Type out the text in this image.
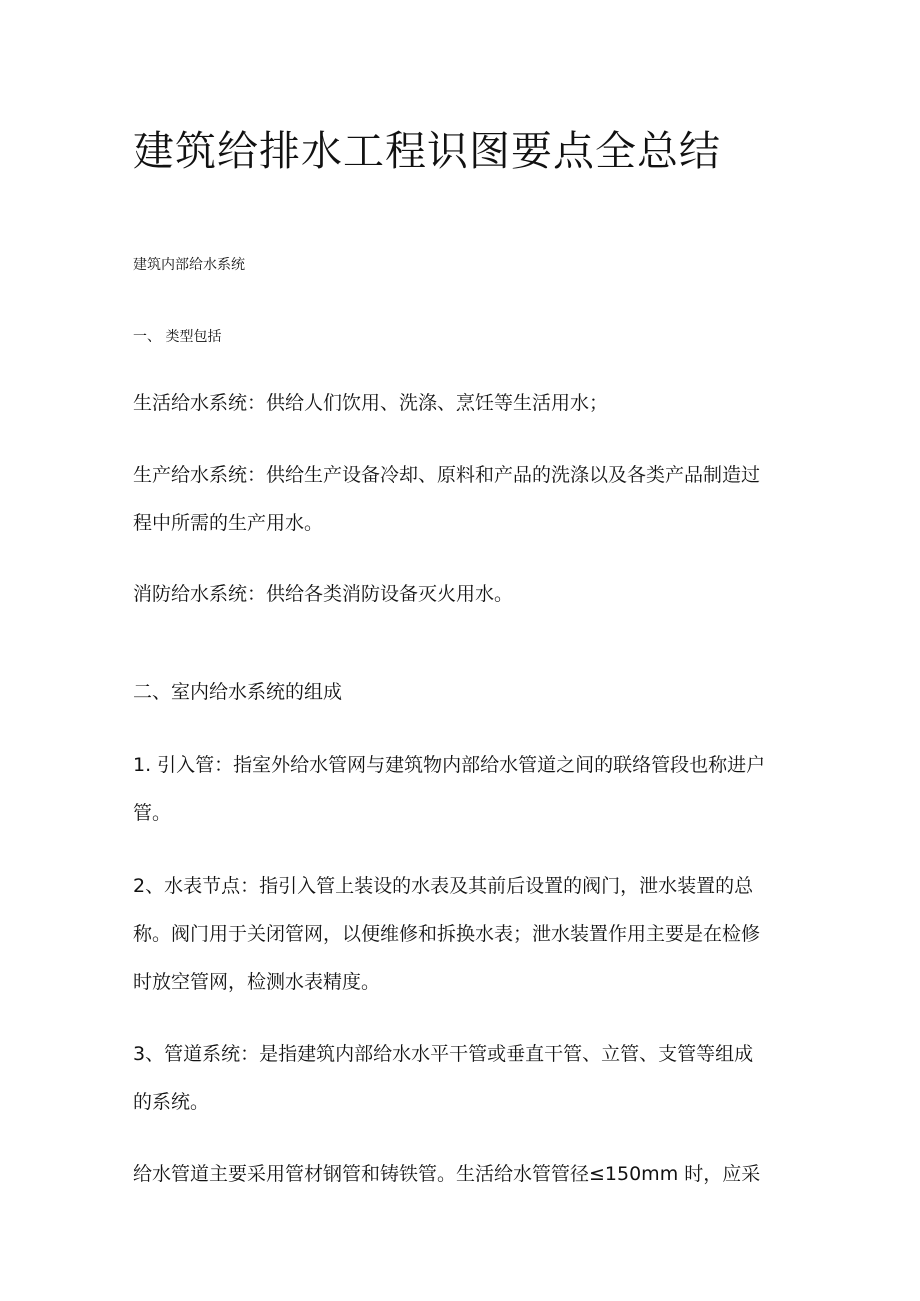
建筑给排水工程识图要点全总结

建筑内部给水系统

一、 类型包括

生活给水系统：供给人们饮用、洗涤、烹饪等生活用水；
生产给水系统：供给生产设备冷却、原料和产品的洗涤以及各类产品制造过
程中所需的生产用水。
消防给水系统：供给各类消防设备灭火用水。
二、室内给水系统的组成
1. 引入管：指室外给水管网与建筑物内部给水管道之间的联络管段也称进户
管。
2、水表节点：指引入管上装设的水表及其前后设置的阀门，泄水装置的总
称。阀门用于关闭管网，以便维修和拆换水表；泄水装置作用主要是在检修
时放空管网，检测水表精度。
3、管道系统：是指建筑内部给水水平干管或垂直干管、立管、支管等组成
的系统。
给水管道主要采用管材钢管和铸铁管。生活给水管管径≤150mm 时，应采
